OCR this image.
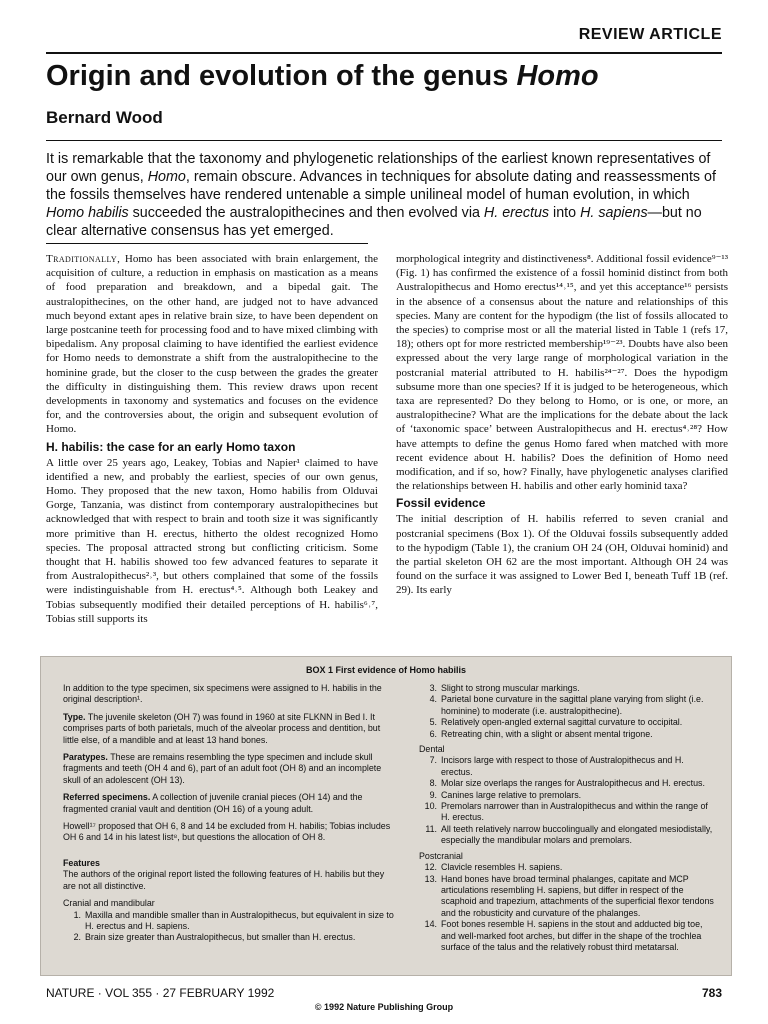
REVIEW ARTICLE
Origin and evolution of the genus Homo
Bernard Wood

It is remarkable that the taxonomy and phylogenetic relationships of the earliest known representatives of our own genus, Homo, remain obscure. Advances in techniques for absolute dating and reassessments of the fossils themselves have rendered untenable a simple unilineal model of human evolution, in which Homo habilis succeeded the australopithecines and then evolved via H. erectus into H. sapiens—but no clear alternative consensus has yet emerged.

Traditionally, Homo has been associated with brain enlargement, the acquisition of culture, a reduction in emphasis on mastication as a means of food preparation and breakdown, and a bipedal gait. The australopithecines, on the other hand, are judged not to have advanced much beyond extant apes in relative brain size, to have been dependent on large postcanine teeth for processing food and to have mixed climbing with bipedalism. Any proposal claiming to have identified the earliest evidence for Homo needs to demonstrate a shift from the australopithecine to the hominine grade, but the closer to the cusp between the grades the greater the difficulty in distinguishing them. This review draws upon recent developments in taxonomy and systematics and focuses on the evidence for, and the controversies about, the origin and subsequent evolution of Homo.

H. habilis: the case for an early Homo taxon

A little over 25 years ago, Leakey, Tobias and Napier¹ claimed to have identified a new, and probably the earliest, species of our own genus, Homo. They proposed that the new taxon, Homo habilis from Olduvai Gorge, Tanzania, was distinct from contemporary australopithecines but acknowledged that with respect to brain and tooth size it was significantly more primitive than H. erectus, hitherto the oldest recognized Homo species. The proposal attracted strong but conflicting criticism. Some thought that H. habilis showed too few advanced features to separate it from Australopithecus²˒³, but others complained that some of the fossils were indistinguishable from H. erectus⁴˒⁵. Although both Leakey and Tobias subsequently modified their detailed perceptions of H. habilis⁶˒⁷, Tobias still supports its

morphological integrity and distinctiveness⁸. Additional fossil evidence⁹⁻¹³ (Fig. 1) has confirmed the existence of a fossil hominid distinct from both Australopithecus and Homo erectus¹⁴˒¹⁵, and yet this acceptance¹⁶ persists in the absence of a consensus about the nature and relationships of this species. Many are content for the hypodigm (the list of fossils allocated to the species) to comprise most or all the material listed in Table 1 (refs 17, 18); others opt for more restricted membership¹⁹⁻²³. Doubts have also been expressed about the very large range of morphological variation in the postcranial material attributed to H. habilis²⁴⁻²⁷. Does the hypodigm subsume more than one species? If it is judged to be heterogeneous, which taxa are represented? Do they belong to Homo, or is one, or more, an australopithecine? What are the implications for the debate about the lack of ‘taxonomic space’ between Australopithecus and H. erectus⁴˒²⁸? How have attempts to define the genus Homo fared when matched with more recent evidence about H. habilis? Does the definition of Homo need modification, and if so, how? Finally, have phylogenetic analyses clarified the relationships between H. habilis and other early hominid taxa?

Fossil evidence

The initial description of H. habilis referred to seven cranial and postcranial specimens (Box 1). Of the Olduvai fossils subsequently added to the hypodigm (Table 1), the cranium OH 24 (OH, Olduvai hominid) and the partial skeleton OH 62 are the most important. Although OH 24 was found on the surface it was assigned to Lower Bed I, beneath Tuff 1B (ref. 29). Its early

BOX 1 First evidence of Homo habilis

In addition to the type specimen, six specimens were assigned to H. habilis in the original description¹.

Type. The juvenile skeleton (OH 7) was found in 1960 at site FLKNN in Bed I. It comprises parts of both parietals, much of the alveolar process and dentition, but little else, of a mandible and at least 13 hand bones.

Paratypes. These are remains resembling the type specimen and include skull fragments and teeth (OH 4 and 6), part of an adult foot (OH 8) and an incomplete skull of an adolescent (OH 13).

Referred specimens. A collection of juvenile cranial pieces (OH 14) and the fragmented cranial vault and dentition (OH 16) of a young adult.

Howell¹⁷ proposed that OH 6, 8 and 14 be excluded from H. habilis; Tobias includes OH 6 and 14 in his latest list⁸, but questions the allocation of OH 8.

Features

The authors of the original report listed the following features of H. habilis but they are not all distinctive.

Cranial and mandibular

1. Maxilla and mandible smaller than in Australopithecus, but equivalent in size to H. erectus and H. sapiens.
2. Brain size greater than Australopithecus, but smaller than H. erectus.
3. Slight to strong muscular markings.
4. Parietal bone curvature in the sagittal plane varying from slight (i.e. hominine) to moderate (i.e. australopithecine).
5. Relatively open-angled external sagittal curvature to occipital.
6. Retreating chin, with a slight or absent mental trigone.

Dental

7. Incisors large with respect to those of Australopithecus and H. erectus.
8. Molar size overlaps the ranges for Australopithecus and H. erectus.
9. Canines large relative to premolars.
10. Premolars narrower than in Australopithecus and within the range of H. erectus.
11. All teeth relatively narrow buccolingually and elongated mesiodistally, especially the mandibular molars and premolars.

Postcranial

12. Clavicle resembles H. sapiens.
13. Hand bones have broad terminal phalanges, capitate and MCP articulations resembling H. sapiens, but differ in respect of the scaphoid and trapezium, attachments of the superficial flexor tendons and the robusticity and curvature of the phalanges.
14. Foot bones resemble H. sapiens in the stout and adducted big toe, and well-marked foot arches, but differ in the shape of the trochlea surface of the talus and the relatively robust third metatarsal.
NATURE · VOL 355 · 27 FEBRUARY 1992	783
© 1992 Nature Publishing Group
